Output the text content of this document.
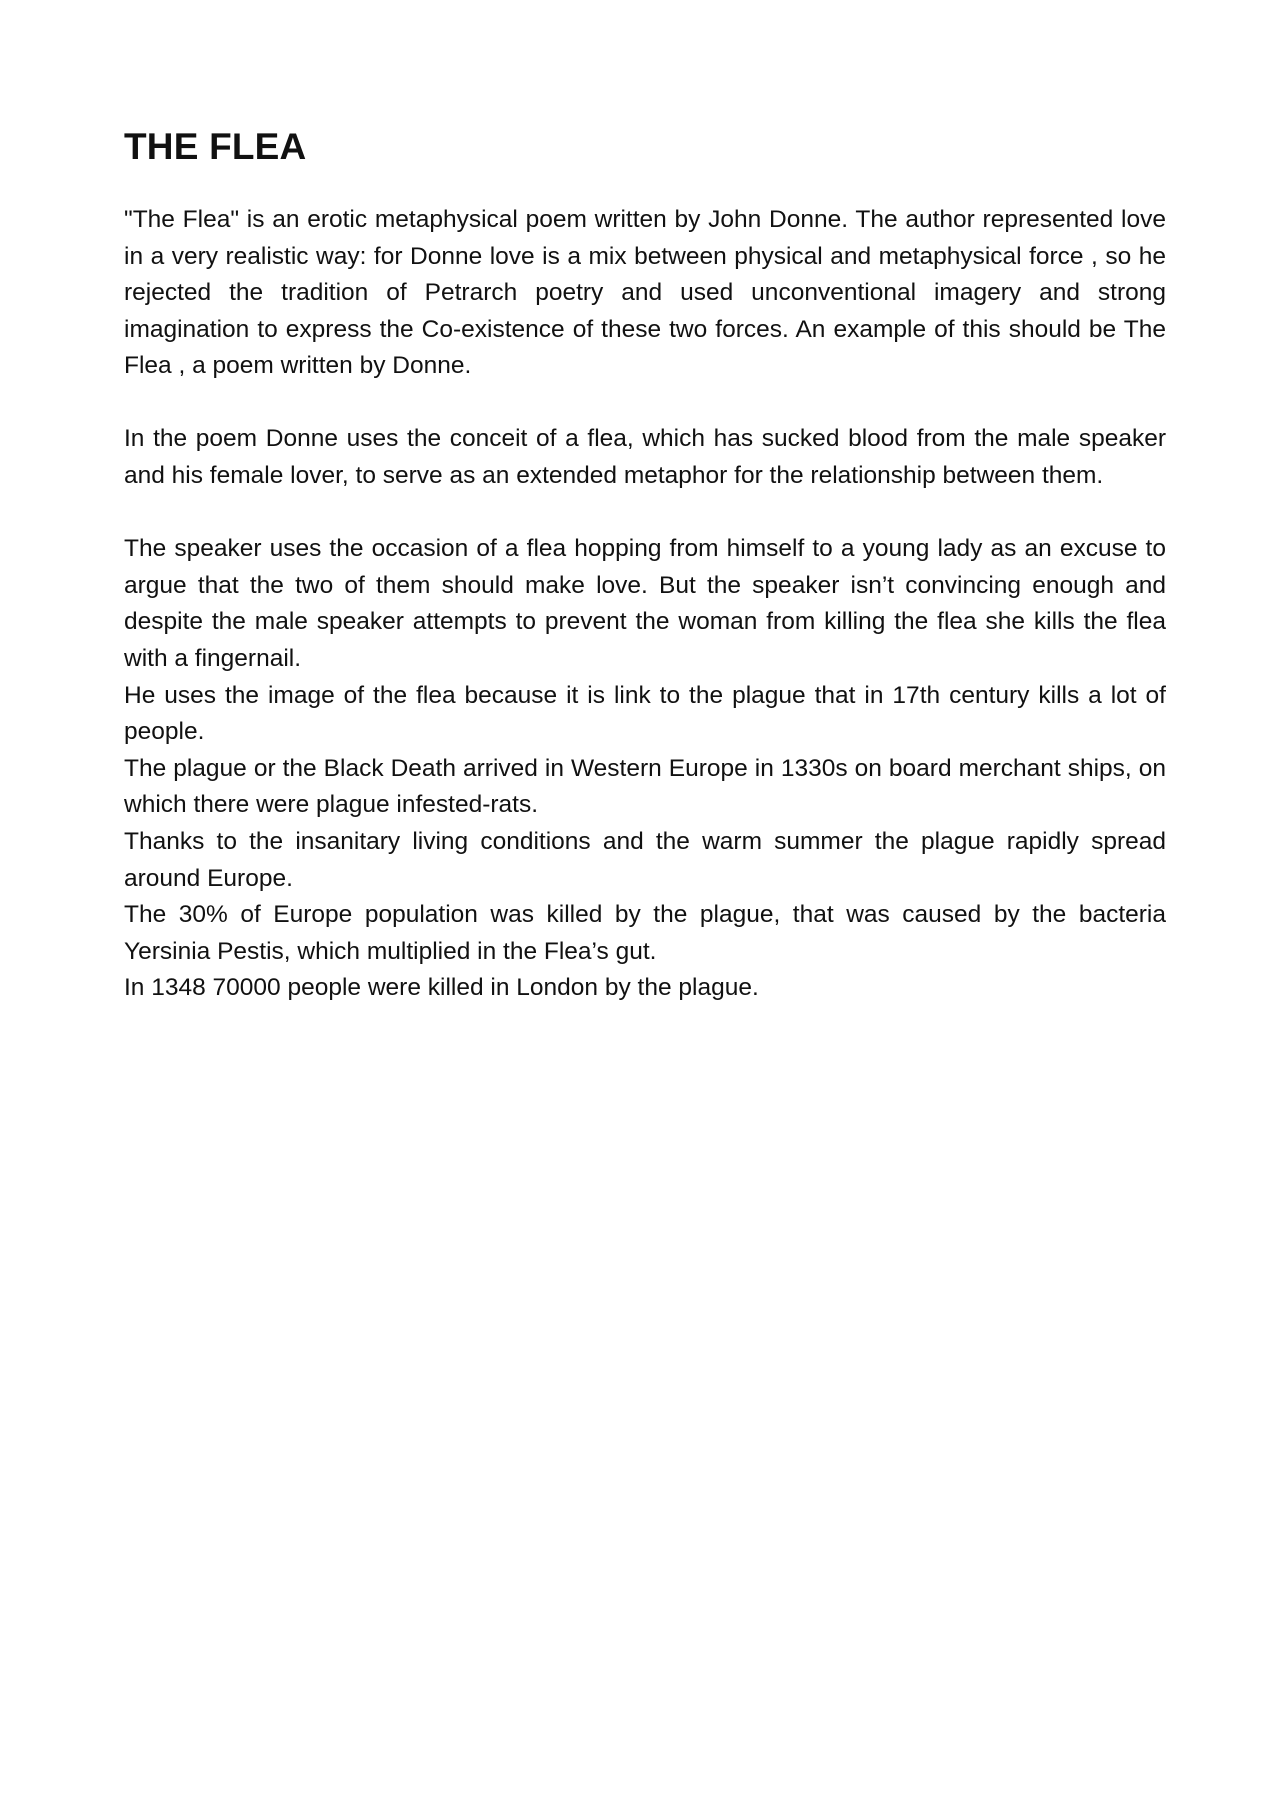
THE FLEA

"The Flea" is an erotic metaphysical poem written by John Donne. The author represented love in a very realistic way: for Donne love is a mix between physical and metaphysical force , so he rejected the tradition of Petrarch poetry and used unconventional imagery and strong imagination to express the Co-existence of these two forces. An example of this should be The Flea , a poem written by Donne.

In the poem Donne uses the conceit of a flea, which has sucked blood from the male speaker and his female lover, to serve as an extended metaphor for the relationship between them.

The speaker uses the occasion of a flea hopping from himself to a young lady as an excuse to argue that the two of them should make love. But the speaker isn’t convincing enough and despite the male speaker attempts to prevent the woman from killing the flea she kills the flea with a fingernail.
He uses the image of the flea because it is link to the plague that in 17th century kills a lot of people.
The plague or the Black Death arrived in Western Europe in 1330s on board merchant ships, on which there were plague infested-rats.
Thanks to the insanitary living conditions and the warm summer the plague rapidly spread around Europe.
The 30% of Europe population was killed by the plague, that was caused by the bacteria Yersinia Pestis, which multiplied in the Flea’s gut.
In 1348 70000 people were killed in London by the plague.
